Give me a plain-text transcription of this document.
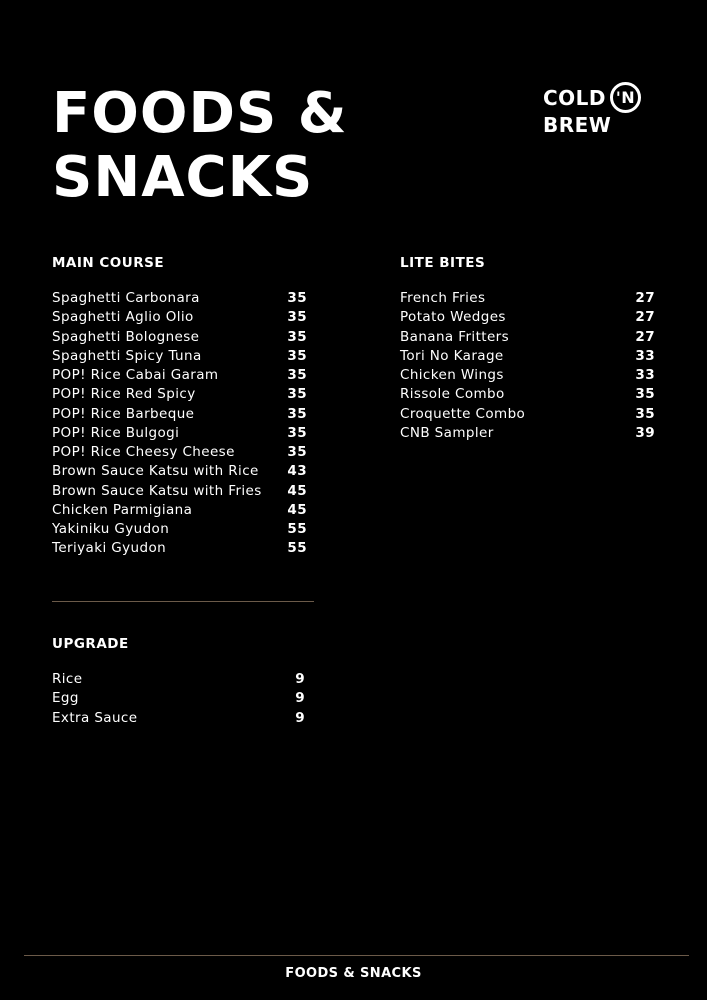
FOODS &
SNACKS
COLD 'N
BREW
MAIN COURSE
Spaghetti Carbonara	35
Spaghetti Aglio Olio	35
Spaghetti Bolognese	35
Spaghetti Spicy Tuna	35
POP! Rice Cabai Garam	35
POP! Rice Red Spicy	35
POP! Rice Barbeque	35
POP! Rice Bulgogi	35
POP! Rice Cheesy Cheese	35
Brown Sauce Katsu with Rice 43
Brown Sauce Katsu with Fries 45
Chicken Parmigiana	45
Yakiniku Gyudon	55
Teriyaki Gyudon	55
LITE BITES
French Fries	27
Potato Wedges	27
Banana Fritters	27
Tori No Karage	33
Chicken Wings	33
Rissole Combo	35
Croquette Combo	35
CNB Sampler	39
UPGRADE
Rice	9
Egg	9
Extra Sauce	9
FOODS & SNACKS
